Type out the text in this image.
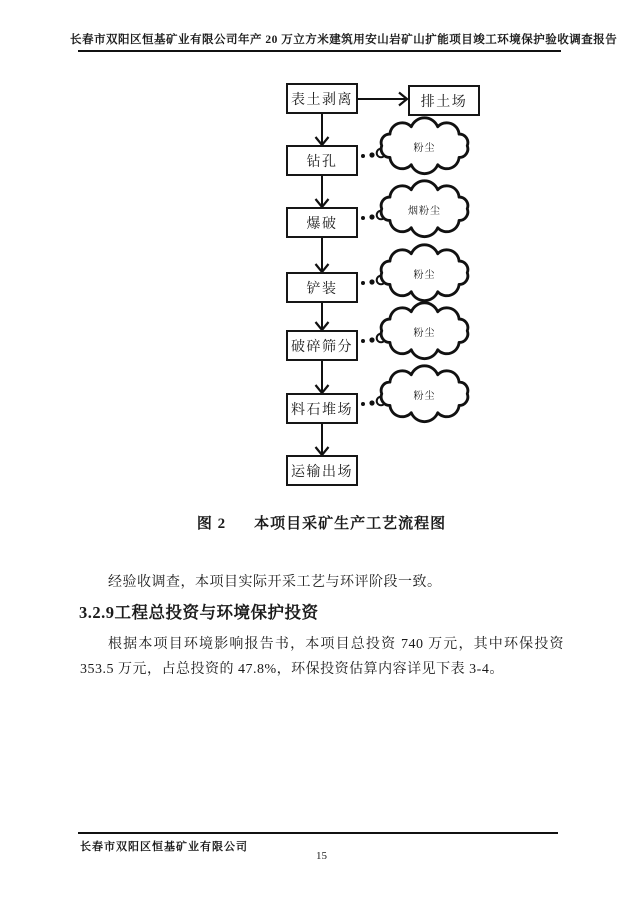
长春市双阳区恒基矿业有限公司年产 20 万立方米建筑用安山岩矿山扩能项目竣工环境保护验收调查报告
表土剥离	排土场
钻孔
爆破
铲装
破碎筛分
料石堆场
运输出场
粉尘
烟粉尘
粉尘
粉尘
粉尘
图 2 本项目采矿生产工艺流程图
经验收调查，本项目实际开采工艺与环评阶段一致。
3.2.9工程总投资与环境保护投资
根据本项目环境影响报告书，本项目总投资 740 万元，其中环保投资 353.5 万元，占总投资的 47.8%，环保投资估算内容详见下表 3-4。
长春市双阳区恒基矿业有限公司
15
